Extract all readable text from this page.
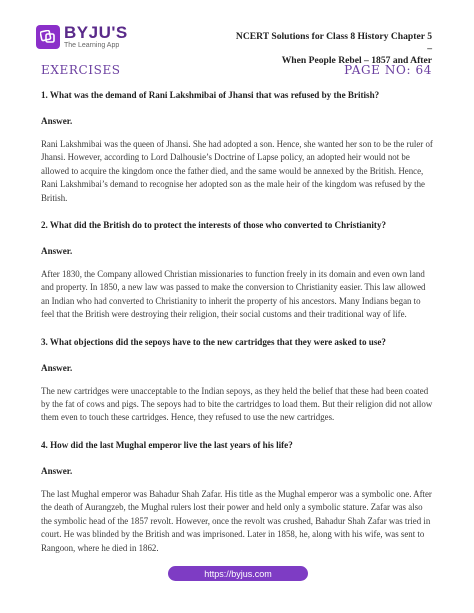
BYJU'S
The Learning App
NCERT Solutions for Class 8 History Chapter 5 –
When People Rebel – 1857 and After
EXERCISES	PAGE NO: 64

1. What was the demand of Rani Lakshmibai of Jhansi that was refused by the British?

Answer.

Rani Lakshmibai was the queen of Jhansi. She had adopted a son. Hence, she wanted her son to be the ruler of Jhansi. However, according to Lord Dalhousie’s Doctrine of Lapse policy, an adopted heir would not be allowed to acquire the kingdom once the father died, and the same would be annexed by the British. Hence, Rani Lakshmibai’s demand to recognise her adopted son as the male heir of the kingdom was refused by the British.

2. What did the British do to protect the interests of those who converted to Christianity?

Answer.

After 1830, the Company allowed Christian missionaries to function freely in its domain and even own land and property. In 1850, a new law was passed to make the conversion to Christianity easier. This law allowed an Indian who had converted to Christianity to inherit the property of his ancestors. Many Indians began to feel that the British were destroying their religion, their social customs and their traditional way of life.

3. What objections did the sepoys have to the new cartridges that they were asked to use?

Answer.

The new cartridges were unacceptable to the Indian sepoys, as they held the belief that these had been coated by the fat of cows and pigs. The sepoys had to bite the cartridges to load them. But their religion did not allow them even to touch these cartridges. Hence, they refused to use the new cartridges.

4. How did the last Mughal emperor live the last years of his life?

Answer.

The last Mughal emperor was Bahadur Shah Zafar. His title as the Mughal emperor was a symbolic one. After the death of Aurangzeb, the Mughal rulers lost their power and held only a symbolic stature. Zafar was also the symbolic head of the 1857 revolt. However, once the revolt was crushed, Bahadur Shah Zafar was tried in court. He was blinded by the British and was imprisoned. Later in 1858, he, along with his wife, was sent to Rangoon, where he died in 1862.

https://byjus.com
